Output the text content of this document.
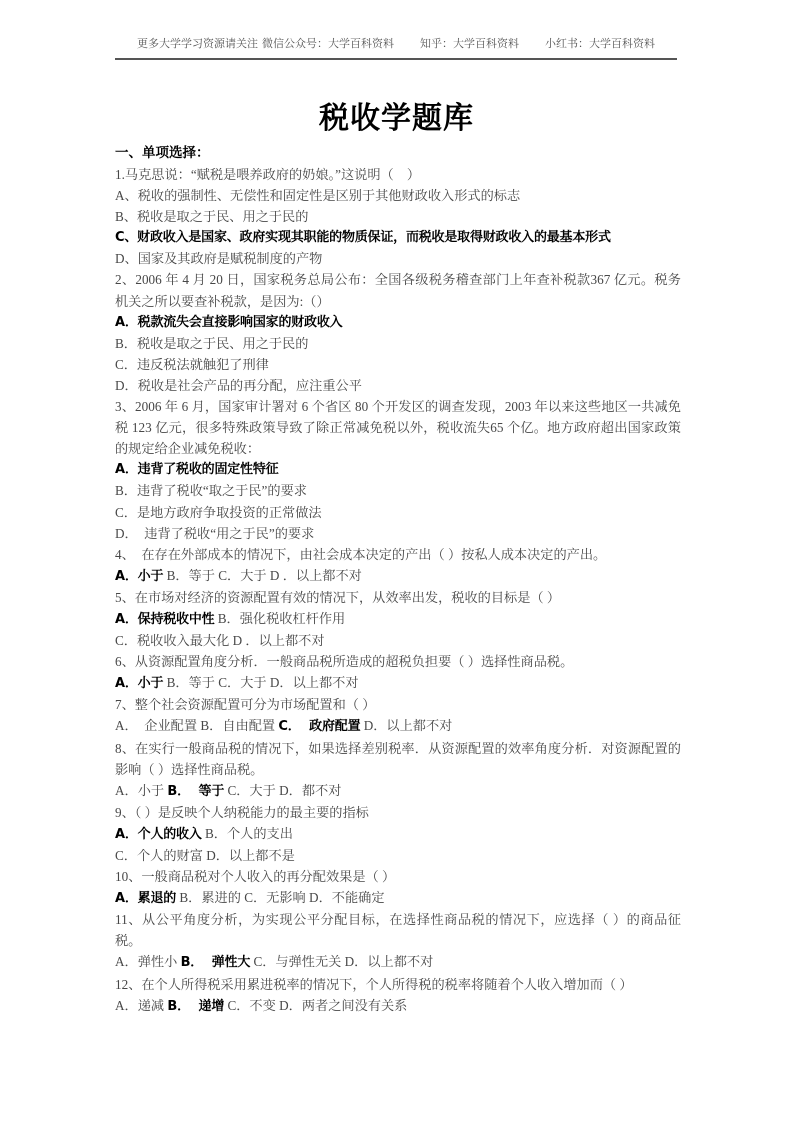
更多大学学习资源请关注 微信公众号：大学百科资料 知乎：大学百科资料 小红书：大学百科资料
税收学题库
一、单项选择：
1.马克思说：“赋税是喂养政府的奶娘。”这说明（    ）
A、税收的强制性、无偿性和固定性是区别于其他财政收入形式的标志
B、税收是取之于民、用之于民的
C、财政收入是国家、政府实现其职能的物质保证，而税收是取得财政收入的最基本形式
D、国家及其政府是赋税制度的产物
2、2006 年 4 月 20 日，国家税务总局公布：全国各级税务稽查部门上年查补税款367 亿元。税务机关之所以要查补税款，是因为:（）
A．税款流失会直接影响国家的财政收入
B．税收是取之于民、用之于民的
C．违反税法就触犯了刑律
D．税收是社会产品的再分配，应注重公平
3、2006 年 6 月，国家审计署对 6 个省区 80 个开发区的调查发现，2003 年以来这些地区一共减免税 123 亿元，很多特殊政策导致了除正常减免税以外，税收流失65 个亿。地方政府超出国家政策的规定给企业减免税收：
A．违背了税收的固定性特征
B．违背了税收“取之于民”的要求
C．是地方政府争取投资的正常做法
D．  违背了税收“用之于民”的要求
4、  在存在外部成本的情况下，由社会成本决定的产出（ ）按私人成本决定的产出。
A．小于 B．等于 C．大于 D ．以上都不对
5、在市场对经济的资源配置有效的情况下，从效率出发，税收的目标是（ ）
A．保持税收中性 B．强化税收杠杆作用
C．税收收入最大化 D ．以上都不对
6、从资源配置角度分析．一般商品税所造成的超税负担要（ ）选择性商品税。
A．小于 B．等于 C．大于 D．以上都不对
7、整个社会资源配置可分为市场配置和（ ）
A．  企业配置 B．自由配置 C．  政府配置 D．以上都不对
8、在实行一般商品税的情况下，如果选择差别税率．从资源配置的效率角度分析．对资源配置的影响（ ）选择性商品税。
A．小于 B．  等于 C．大于 D．都不对
9、（ ）是反映个人纳税能力的最主要的指标
A．个人的收入 B．个人的支出
C．个人的财富 D．以上都不是
10、一般商品税对个人收入的再分配效果是（ ）
A．累退的 B．累进的 C．无影响 D．不能确定
11、从公平角度分析，为实现公平分配目标，在选择性商品税的情况下，应选择（ ）的商品征税。
A．弹性小 B．  弹性大 C．与弹性无关 D．以上都不对
12、在个人所得税采用累进税率的情况下，个人所得税的税率将随着个人收入增加而（ ）
A．递减 B．  递增 C．不变 D．两者之间没有关系
